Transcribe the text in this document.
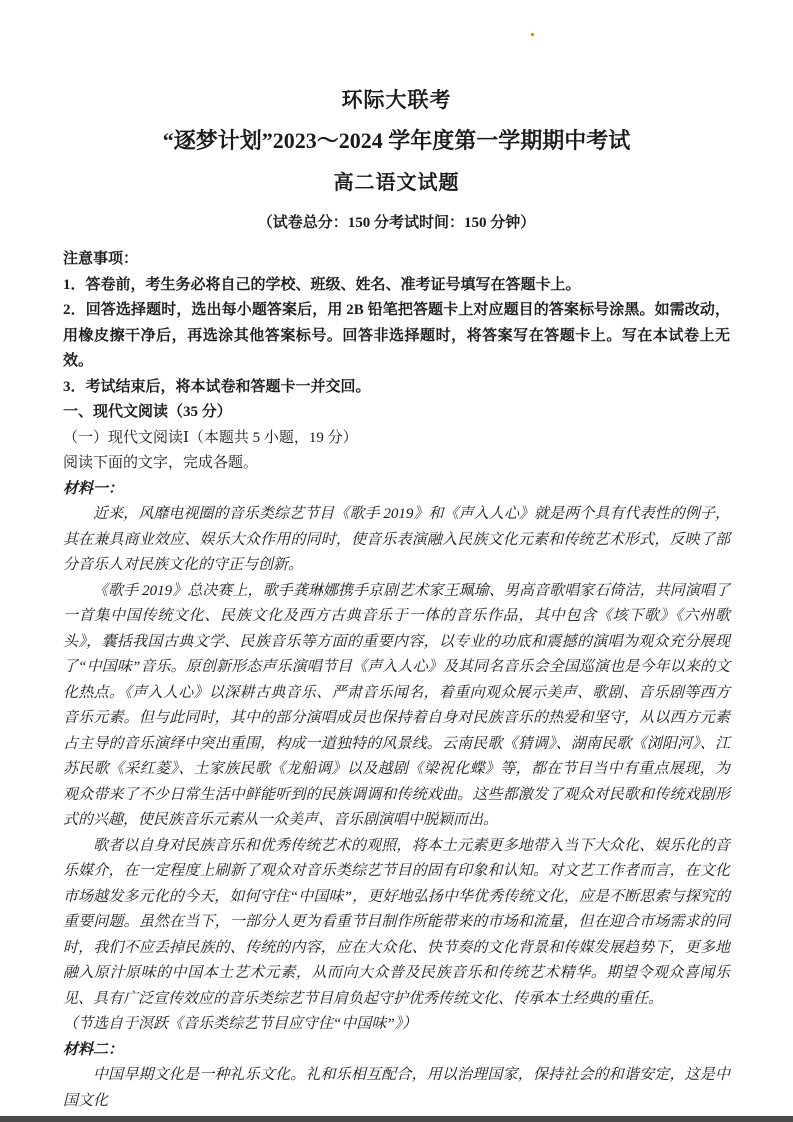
环际大联考
“逐梦计划”2023～2024 学年度第一学期期中考试
高二语文试题
（试卷总分：150 分考试时间：150 分钟）

注意事项：

1．答卷前，考生务必将自己的学校、班级、姓名、准考证号填写在答题卡上。

2．回答选择题时，选出每小题答案后，用 2B 铅笔把答题卡上对应题目的答案标号涂黑。如需改动，用橡皮擦干净后，再选涂其他答案标号。回答非选择题时，将答案写在答题卡上。写在本试卷上无效。

3．考试结束后，将本试卷和答题卡一并交回。

一、现代文阅读（35 分）

（一）现代文阅读Ⅰ（本题共 5 小题，19 分）

阅读下面的文字，完成各题。

材料一：

近来，风靡电视圈的音乐类综艺节目《歌手 2019》和《声入人心》就是两个具有代表性的例子，其在兼具商业效应、娱乐大众作用的同时，使音乐表演融入民族文化元素和传统艺术形式，反映了部分音乐人对民族文化的守正与创新。

《歌手 2019》总决赛上，歌手龚琳娜携手京剧艺术家王珮瑜、男高音歌唱家石倚洁，共同演唱了一首集中国传统文化、民族文化及西方古典音乐于一体的音乐作品，其中包含《垓下歌》《六州歌头》，囊括我国古典文学、民族音乐等方面的重要内容，以专业的功底和震撼的演唱为观众充分展现了“中国味”音乐。原创新形态声乐演唱节目《声入人心》及其同名音乐会全国巡演也是今年以来的文化热点。《声入人心》以深耕古典音乐、严肃音乐闻名，着重向观众展示美声、歌剧、音乐剧等西方音乐元素。但与此同时，其中的部分演唱成员也保持着自身对民族音乐的热爱和坚守，从以西方元素占主导的音乐演绎中突出重围，构成一道独特的风景线。云南民歌《猜调》、湖南民歌《浏阳河》、江苏民歌《采红菱》、土家族民歌《龙船调》以及越剧《梁祝化蝶》等，都在节目当中有重点展现，为观众带来了不少日常生活中鲜能听到的民族调调和传统戏曲。这些都激发了观众对民歌和传统戏剧形式的兴趣，使民族音乐元素从一众美声、音乐剧演唱中脱颖而出。

歌者以自身对民族音乐和优秀传统艺术的观照，将本土元素更多地带入当下大众化、娱乐化的音乐媒介，在一定程度上刷新了观众对音乐类综艺节目的固有印象和认知。对文艺工作者而言，在文化市场越发多元化的今天，如何守住“中国味”，更好地弘扬中华优秀传统文化，应是不断思索与探究的重要问题。虽然在当下，一部分人更为看重节目制作所能带来的市场和流量，但在迎合市场需求的同时，我们不应丢掉民族的、传统的内容，应在大众化、快节奏的文化背景和传媒发展趋势下，更多地融入原汁原味的中国本土艺术元素，从而向大众普及民族音乐和传统艺术精华。期望令观众喜闻乐见、具有广泛宣传效应的音乐类综艺节目肩负起守护优秀传统文化、传承本土经典的重任。

（节选自于溟跃《音乐类综艺节目应守住“中国味”》）

材料二：

中国早期文化是一种礼乐文化。礼和乐相互配合，用以治理国家，保持社会的和谐安定，这是中国文化
